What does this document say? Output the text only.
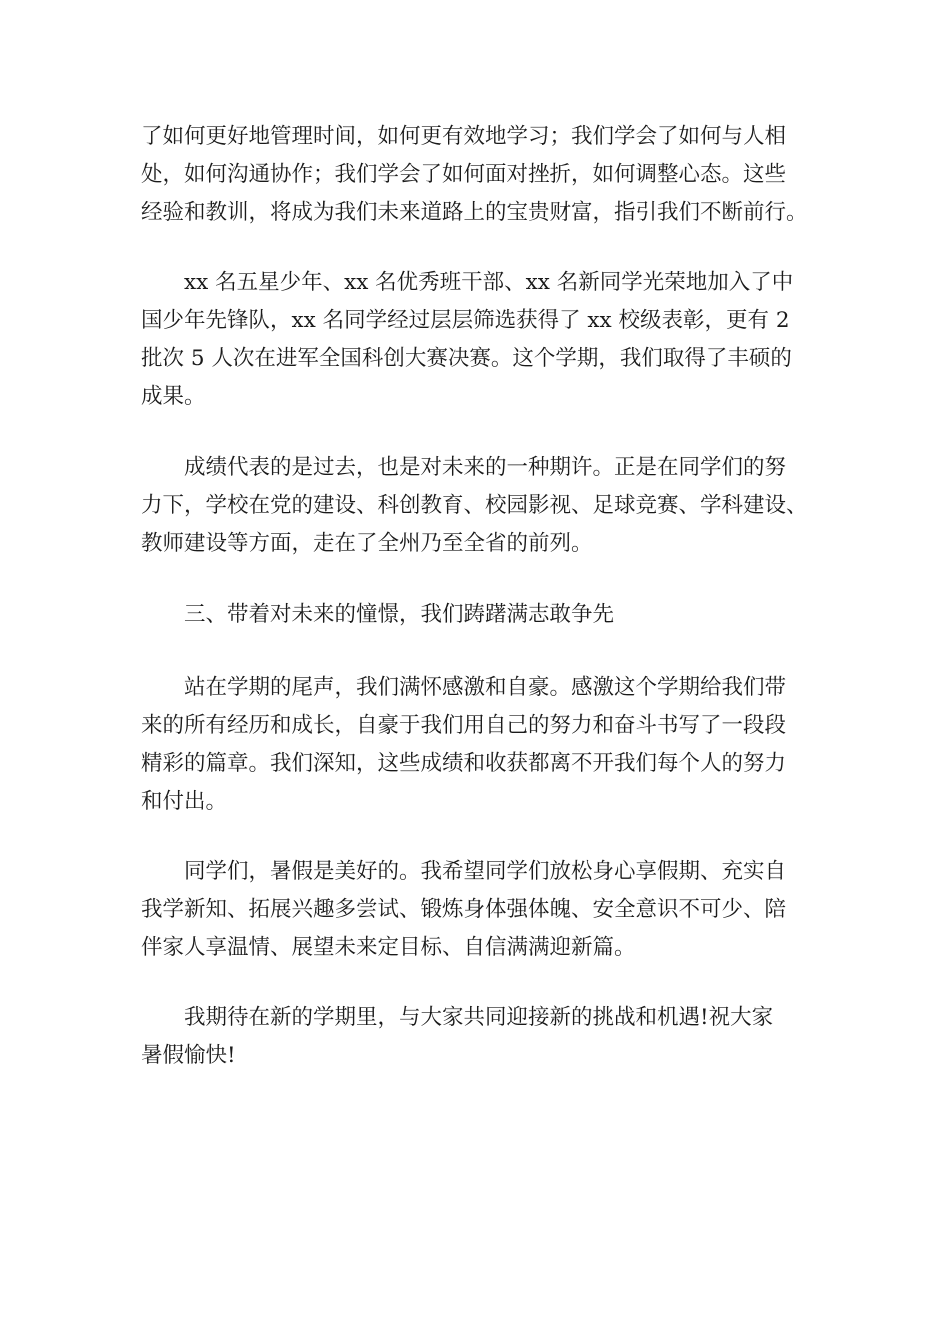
了如何更好地管理时间，如何更有效地学习；我们学会了如何与人相
处，如何沟通协作；我们学会了如何面对挫折，如何调整心态。这些
经验和教训，将成为我们未来道路上的宝贵财富，指引我们不断前行。
xx 名五星少年、xx 名优秀班干部、xx 名新同学光荣地加入了中
国少年先锋队，xx 名同学经过层层筛选获得了 xx 校级表彰，更有 2
批次 5 人次在进军全国科创大赛决赛。这个学期，我们取得了丰硕的
成果。
成绩代表的是过去，也是对未来的一种期许。正是在同学们的努
力下，学校在党的建设、科创教育、校园影视、足球竞赛、学科建设、
教师建设等方面，走在了全州乃至全省的前列。
三、带着对未来的憧憬，我们踌躇满志敢争先
站在学期的尾声，我们满怀感激和自豪。感激这个学期给我们带
来的所有经历和成长，自豪于我们用自己的努力和奋斗书写了一段段
精彩的篇章。我们深知，这些成绩和收获都离不开我们每个人的努力
和付出。
同学们，暑假是美好的。我希望同学们放松身心享假期、充实自
我学新知、拓展兴趣多尝试、锻炼身体强体魄、安全意识不可少、陪
伴家人享温情、展望未来定目标、自信满满迎新篇。
我期待在新的学期里，与大家共同迎接新的挑战和机遇!祝大家
暑假愉快!
